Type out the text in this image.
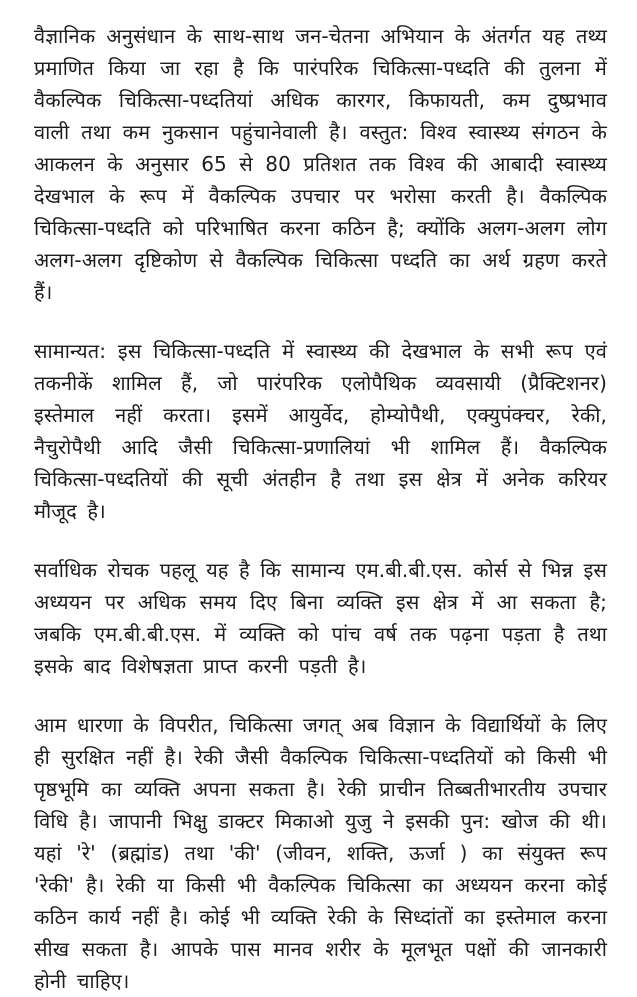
वैज्ञानिक अनुसंधान के साथ-साथ जन-चेतना अभियान के अंतर्गत यह तथ्य प्रमाणित किया जा रहा है कि पारंपरिक चिकित्सा-पध्दति की तुलना में वैकल्पिक चिकित्सा-पध्दतियां अधिक कारगर, किफायती, कम दुष्प्रभाव वाली तथा कम नुकसान पहुंचानेवाली है। वस्तुत: विश्व स्वास्थ्य संगठन के आकलन के अनुसार 65 से 80 प्रतिशत तक विश्व की आबादी स्वास्थ्य देखभाल के रूप में वैकल्पिक उपचार पर भरोसा करती है। वैकल्पिक चिकित्सा-पध्दति को परिभाषित करना कठिन है; क्योंकि अलग-अलग लोग अलग-अलग दृष्टिकोण से वैकल्पिक चिकित्सा पध्दति का अर्थ ग्रहण करते हैं।

सामान्यत: इस चिकित्सा-पध्दति में स्वास्थ्य की देखभाल के सभी रूप एवं तकनीकें शामिल हैं, जो पारंपरिक एलोपैथिक व्यवसायी (प्रैक्टिशनर) इस्तेमाल नहीं करता। इसमें आयुर्वेद, होम्योपैथी, एक्युपंक्चर, रेकी, नैचुरोपैथी आदि जैसी चिकित्सा-प्रणालियां भी शामिल हैं। वैकल्पिक चिकित्सा-पध्दतियों की सूची अंतहीन है तथा इस क्षेत्र में अनेक करियर मौजूद है।

सर्वाधिक रोचक पहलू यह है कि सामान्य एम.बी.बी.एस. कोर्स से भिन्न इस अध्ययन पर अधिक समय दिए बिना व्यक्ति इस क्षेत्र में आ सकता है; जबकि एम.बी.बी.एस. में व्यक्ति को पांच वर्ष तक पढ़ना पड़ता है तथा इसके बाद विशेषज्ञता प्राप्त करनी पड़ती है।

आम धारणा के विपरीत, चिकित्सा जगत् अब विज्ञान के विद्यार्थियों के लिए ही सुरक्षित नहीं है। रेकी जैसी वैकल्पिक चिकित्सा-पध्दतियों को किसी भी पृष्ठभूमि का व्यक्ति अपना सकता है। रेकी प्राचीन तिब्बतीभारतीय उपचार विधि है। जापानी भिक्षु डाक्टर मिकाओ युजु ने इसकी पुन: खोज की थी। यहां 'रे' (ब्रह्मांड) तथा 'की' (जीवन, शक्ति, ऊर्जा ) का संयुक्त रूप 'रेकी' है। रेकी या किसी भी वैकल्पिक चिकित्सा का अध्ययन करना कोई कठिन कार्य नहीं है। कोई भी व्यक्ति रेकी के सिध्दांतों का इस्तेमाल करना सीख सकता है। आपके पास मानव शरीर के मूलभूत पक्षों की जानकारी होनी चाहिए।
